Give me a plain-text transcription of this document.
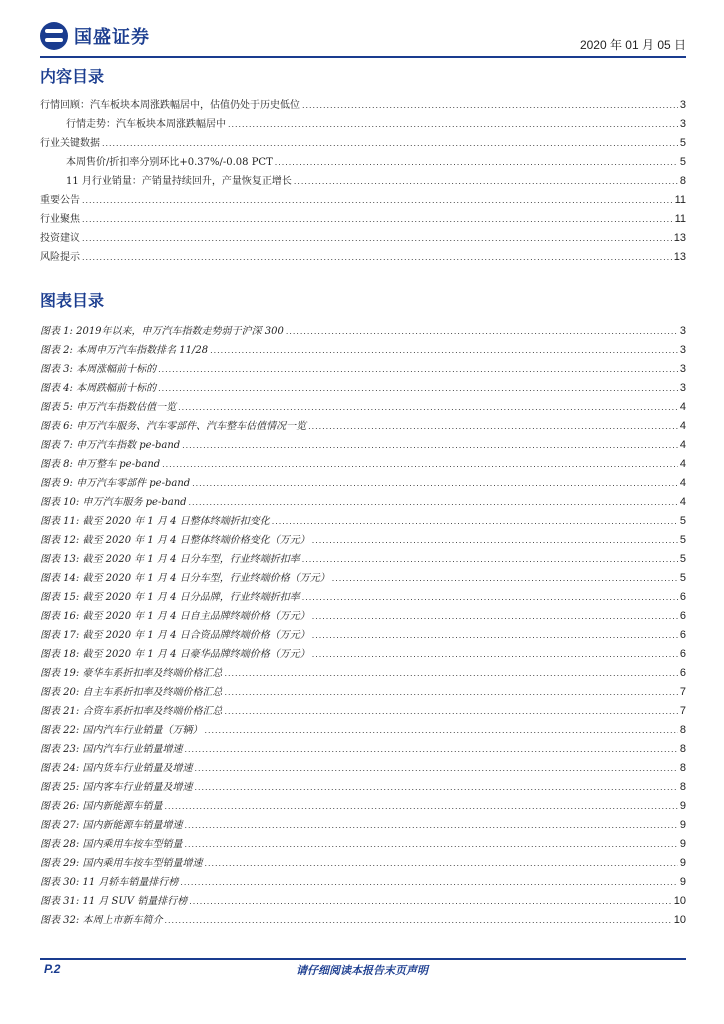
国盛证券	2020 年 01 月 05 日
内容目录
行情回顾：汽车板块本周涨跌幅居中，估值仍处于历史低位 .....	3
行情走势：汽车板块本周涨跌幅居中 .....	3
行业关键数据 .....	5
本周售价/折扣率分别环比+0.37%/-0.08 PCT .....	5
11 月行业销量：产销量持续回升，产量恢复正增长 .....	8
重要公告 .....	11
行业聚焦 .....	11
投资建议 .....	13
风险提示 .....	13
图表目录
图表 1: 2019年以来，申万汽车指数走势弱于沪深 300 .....	3
图表 2: 本周申万汽车指数排名 11/28 .....	3
图表 3: 本周涨幅前十标的 .....	3
图表 4: 本周跌幅前十标的 .....	3
图表 5: 申万汽车指数估值一览 .....	4
图表 6: 申万汽车服务、汽车零部件、汽车整车估值情况一览 .....	4
图表 7: 申万汽车指数 pe-band .....	4
图表 8: 申万整车 pe-band .....	4
图表 9: 申万汽车零部件 pe-band .....	4
图表 10: 申万汽车服务 pe-band .....	4
图表 11: 截至 2020 年 1 月 4 日整体终端折扣变化 .....	5
图表 12: 截至 2020 年 1 月 4 日整体终端价格变化（万元） .....	5
图表 13: 截至 2020 年 1 月 4 日分车型，行业终端折扣率 .....	5
图表 14: 截至 2020 年 1 月 4 日分车型，行业终端价格（万元） .....	5
图表 15: 截至 2020 年 1 月 4 日分品牌，行业终端折扣率 .....	6
图表 16: 截至 2020 年 1 月 4 日自主品牌终端价格（万元） .....	6
图表 17: 截至 2020 年 1 月 4 日合资品牌终端价格（万元） .....	6
图表 18: 截至 2020 年 1 月 4 日豪华品牌终端价格（万元） .....	6
图表 19: 豪华车系折扣率及终端价格汇总 .....	6
图表 20: 自主车系折扣率及终端价格汇总 .....	7
图表 21: 合资车系折扣率及终端价格汇总 .....	7
图表 22: 国内汽车行业销量（万辆） .....	8
图表 23: 国内汽车行业销量增速 .....	8
图表 24: 国内货车行业销量及增速 .....	8
图表 25: 国内客车行业销量及增速 .....	8
图表 26: 国内新能源车销量 .....	9
图表 27: 国内新能源车销量增速 .....	9
图表 28: 国内乘用车按车型销量 .....	9
图表 29: 国内乘用车按车型销量增速 .....	9
图表 30: 11 月轿车销量排行榜 .....	9
图表 31: 11 月 SUV 销量排行榜 .....	10
图表 32: 本周上市新车简介 .....	10
P.2	请仔细阅读本报告末页声明
